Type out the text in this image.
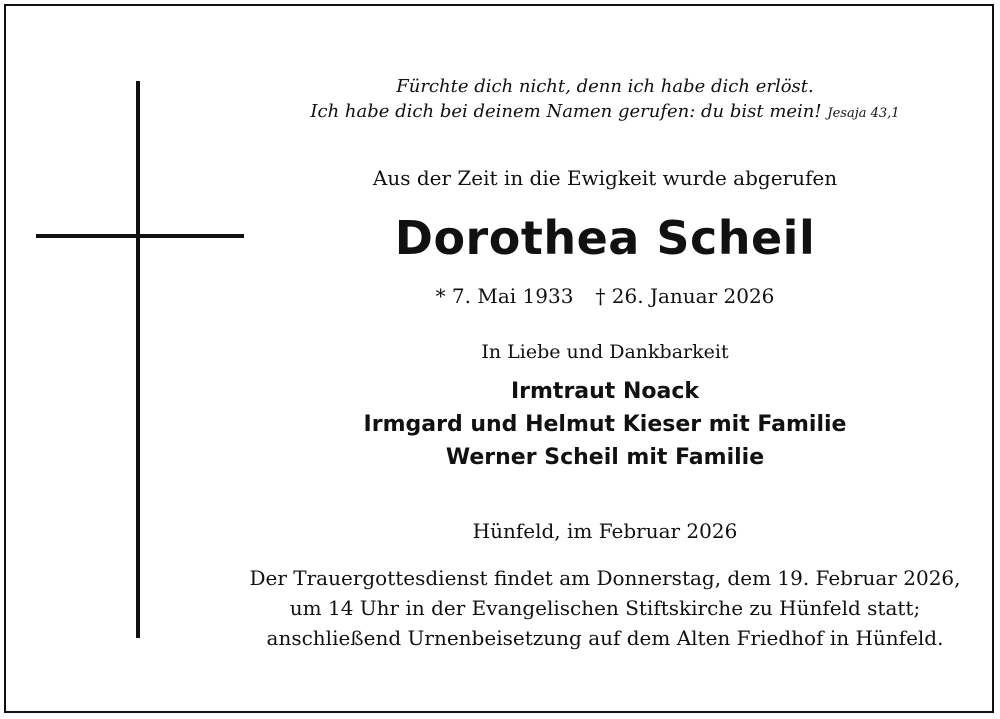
Fürchte dich nicht, denn ich habe dich erlöst.
Ich habe dich bei deinem Namen gerufen: du bist mein! Jesaja 43,1
Aus der Zeit in die Ewigkeit wurde abgerufen
Dorothea Scheil
* 7. Mai 1933 † 26. Januar 2026
In Liebe und Dankbarkeit
Irmtraut Noack
Irmgard und Helmut Kieser mit Familie
Werner Scheil mit Familie
Hünfeld, im Februar 2026
Der Trauergottesdienst findet am Donnerstag, dem 19. Februar 2026,
um 14 Uhr in der Evangelischen Stiftskirche zu Hünfeld statt;
anschließend Urnenbeisetzung auf dem Alten Friedhof in Hünfeld.
